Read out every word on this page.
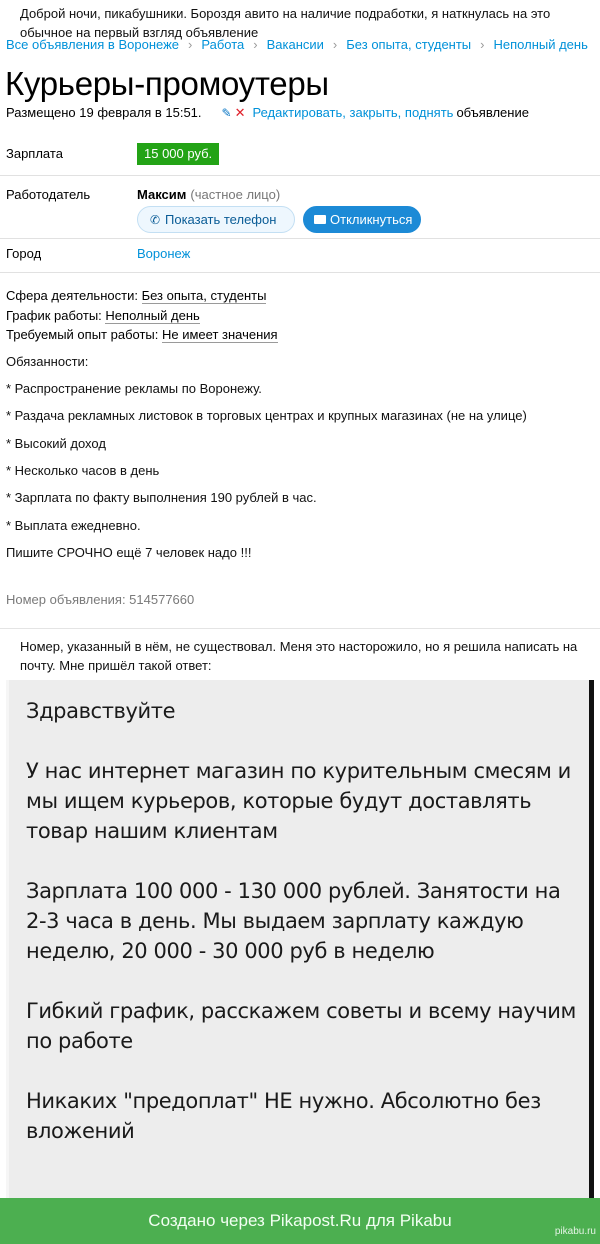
Доброй ночи, пикабушники. Бороздя авито на наличие подработки, я наткнулась на это обычное на первый взгляд объявление
Все объявления в Воронеже › Работа › Вакансии › Без опыта, студенты › Неполный день
Курьеры-промоутеры
Размещено 19 февраля в 15:51. ✎ ✕ Редактировать, закрыть, поднять объявление
Зарплата	15 000 руб.
Работодатель	Максим (частное лицо)
✆ Показать телефон	Откликнуться
Город	Воронеж
Сфера деятельности: Без опыта, студенты
График работы: Неполный день
Требуемый опыт работы: Не имеет значения
Обязанности:
* Распространение рекламы по Воронежу.
* Раздача рекламных листовок в торговых центрах и крупных магазинах (не на улице)
* Высокий доход
* Несколько часов в день
* Зарплата по факту выполнения 190 рублей в час.
* Выплата ежедневно.
Пишите СРОЧНО ещё 7 человек надо !!!
Номер объявления: 514577660
Номер, указанный в нём, не существовал. Меня это насторожило, но я решила написать на почту. Мне пришёл такой ответ:
Здравствуйте
У нас интернет магазин по курительным смесям и мы ищем курьеров, которые будут доставлять товар нашим клиентам
Зарплата 100 000 - 130 000 рублей. Занятости на 2-3 часа в день. Мы выдаем зарплату каждую неделю, 20 000 - 30 000 руб в неделю
Гибкий график, расскажем советы и всему научим по работе
Никаких "предоплат" НЕ нужно. Абсолютно без вложений
Создано через Pikapost.Ru для Pikabu
pikabu.ru
